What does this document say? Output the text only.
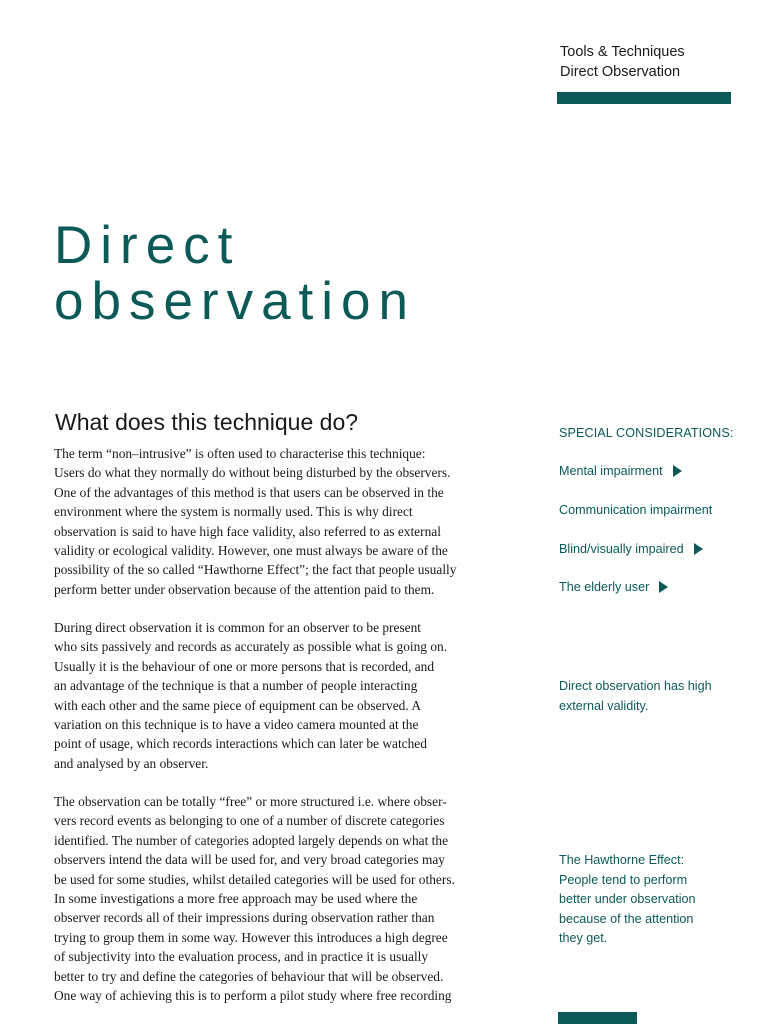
Tools & Techniques
Direct Observation
Direct
observation
What does this technique do?
The term “non–intrusive” is often used to characterise this technique:
Users do what they normally do without being disturbed by the observers.
One of the advantages of this method is that users can be observed in the
environment where the system is normally used. This is why direct
observation is said to have high face validity, also referred to as external
validity or ecological validity. However, one must always be aware of the
possibility of the so called “Hawthorne Effect”; the fact that people usually
perform better under observation because of the attention paid to them.
During direct observation it is common for an observer to be present
who sits passively and records as accurately as possible what is going on.
Usually it is the behaviour of one or more persons that is recorded, and
an advantage of the technique is that a number of people interacting
with each other and the same piece of equipment can be observed. A
variation on this technique is to have a video camera mounted at the
point of usage, which records interactions which can later be watched
and analysed by an observer.
The observation can be totally “free” or more structured i.e. where obser-
vers record events as belonging to one of a number of discrete categories
identified. The number of categories adopted largely depends on what the
observers intend the data will be used for, and very broad categories may
be used for some studies, whilst detailed categories will be used for others.
In some investigations a more free approach may be used where the
observer records all of their impressions during observation rather than
trying to group them in some way. However this introduces a high degree
of subjectivity into the evaluation process, and in practice it is usually
better to try and define the categories of behaviour that will be observed.
One way of achieving this is to perform a pilot study where free recording
SPECIAL CONSIDERATIONS:
Mental impairment
Communication impairment
Blind/visually impaired
The elderly user
Direct observation has high
external validity.
The Hawthorne Effect:
People tend to perform
better under observation
because of the attention
they get.
